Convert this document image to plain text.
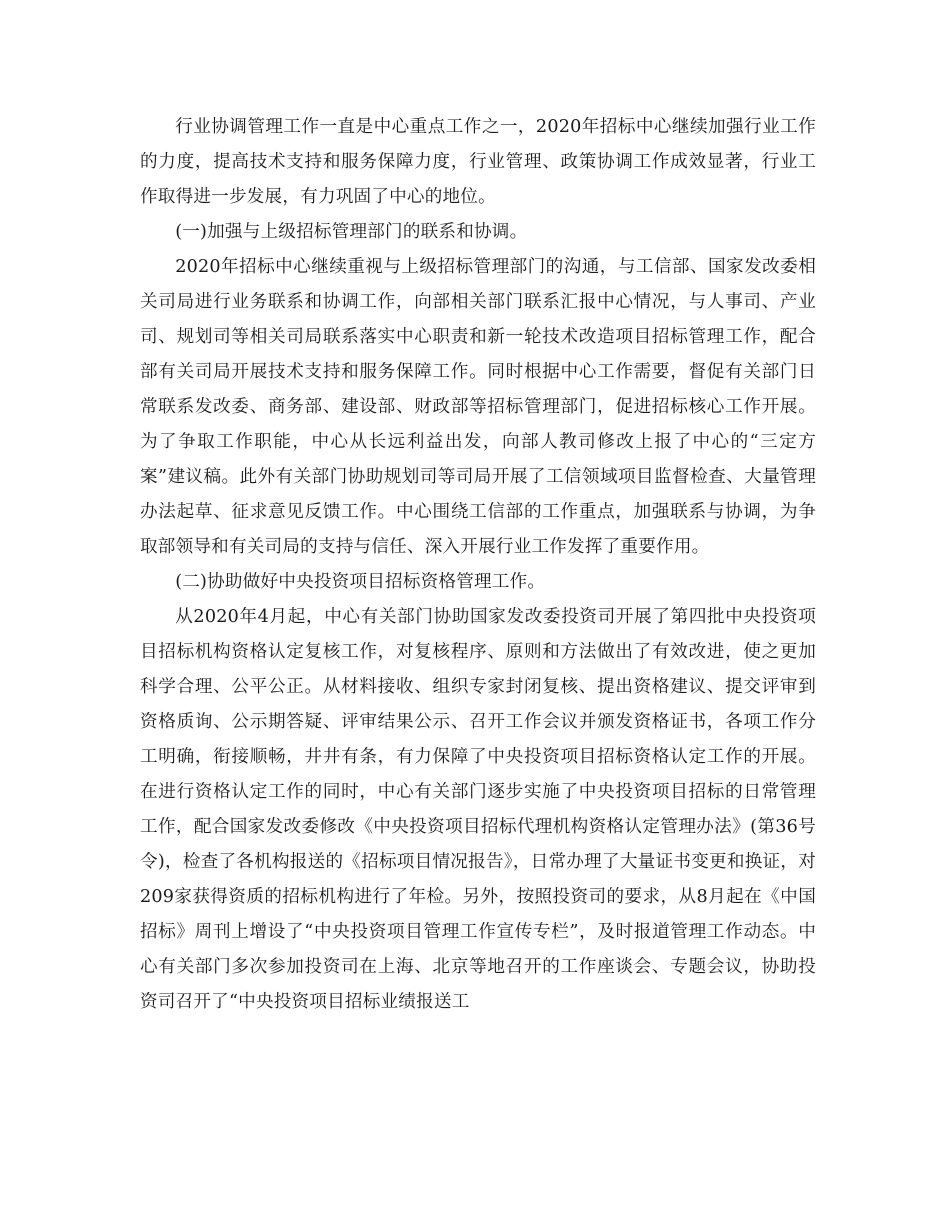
行业协调管理工作一直是中心重点工作之一，2020年招标中心继续加强行业工作的力度，提高技术支持和服务保障力度，行业管理、政策协调工作成效显著，行业工作取得进一步发展，有力巩固了中心的地位。

(一)加强与上级招标管理部门的联系和协调。

2020年招标中心继续重视与上级招标管理部门的沟通，与工信部、国家发改委相关司局进行业务联系和协调工作，向部相关部门联系汇报中心情况，与人事司、产业司、规划司等相关司局联系落实中心职责和新一轮技术改造项目招标管理工作，配合部有关司局开展技术支持和服务保障工作。同时根据中心工作需要，督促有关部门日常联系发改委、商务部、建设部、财政部等招标管理部门，促进招标核心工作开展。为了争取工作职能，中心从长远利益出发，向部人教司修改上报了中心的“三定方案”建议稿。此外有关部门协助规划司等司局开展了工信领域项目监督检查、大量管理办法起草、征求意见反馈工作。中心围绕工信部的工作重点，加强联系与协调，为争取部领导和有关司局的支持与信任、深入开展行业工作发挥了重要作用。

(二)协助做好中央投资项目招标资格管理工作。

从2020年4月起，中心有关部门协助国家发改委投资司开展了第四批中央投资项目招标机构资格认定复核工作，对复核程序、原则和方法做出了有效改进，使之更加科学合理、公平公正。从材料接收、组织专家封闭复核、提出资格建议、提交评审到资格质询、公示期答疑、评审结果公示、召开工作会议并颁发资格证书，各项工作分工明确，衔接顺畅，井井有条，有力保障了中央投资项目招标资格认定工作的开展。在进行资格认定工作的同时，中心有关部门逐步实施了中央投资项目招标的日常管理工作，配合国家发改委修改《中央投资项目招标代理机构资格认定管理办法》(第36号令)，检查了各机构报送的《招标项目情况报告》，日常办理了大量证书变更和换证，对209家获得资质的招标机构进行了年检。另外，按照投资司的要求，从8月起在《中国招标》周刊上增设了“中央投资项目管理工作宣传专栏”，及时报道管理工作动态。中心有关部门多次参加投资司在上海、北京等地召开的工作座谈会、专题会议，协助投资司召开了“中央投资项目招标业绩报送工
